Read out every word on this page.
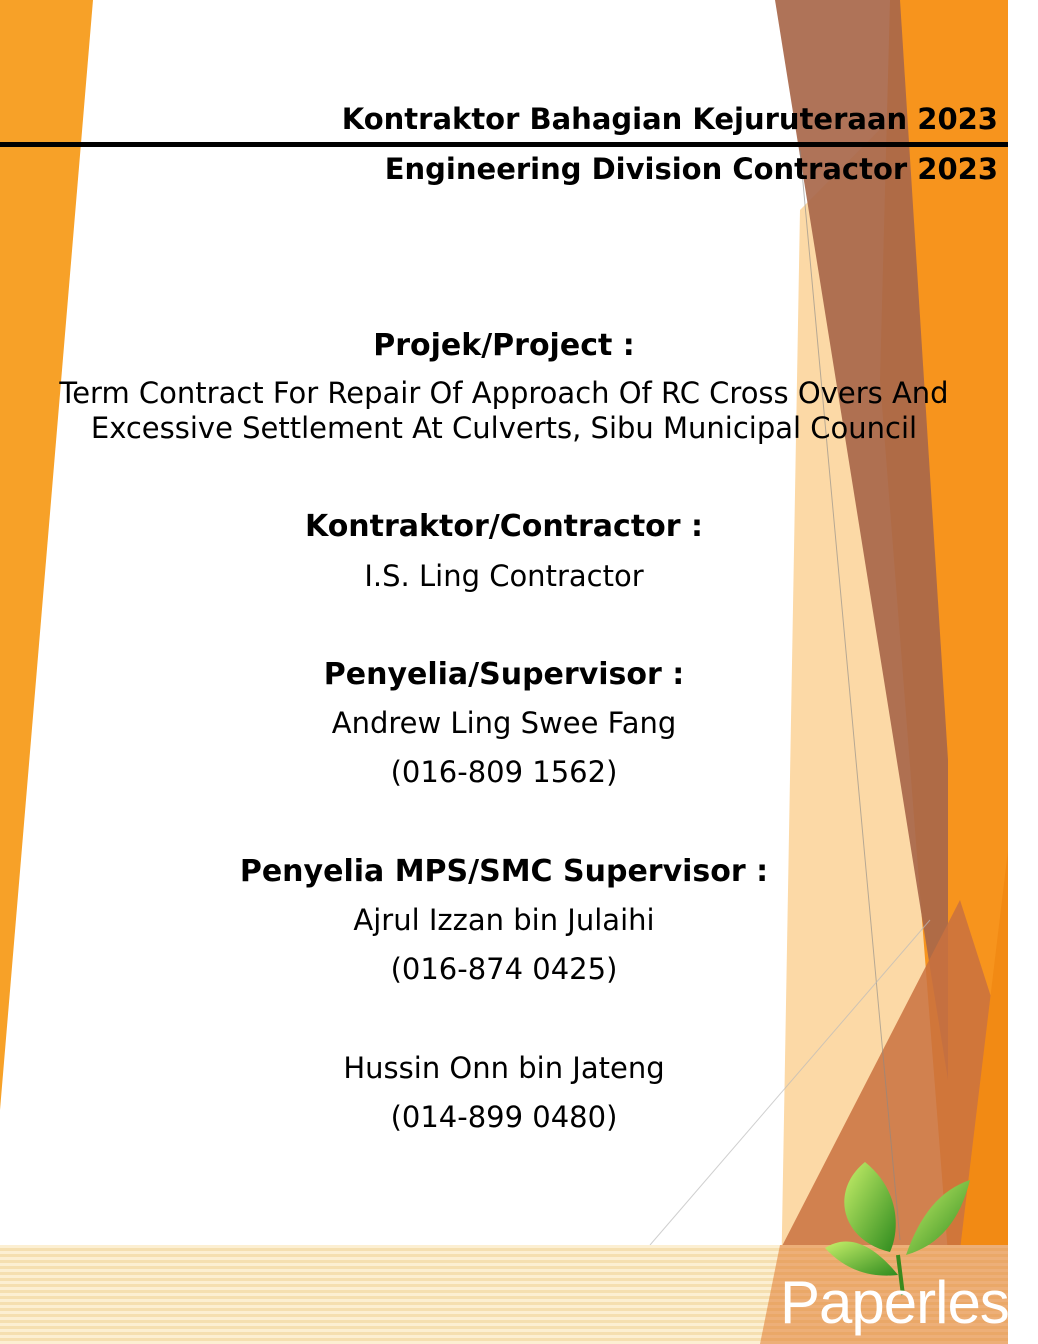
Kontraktor Bahagian Kejuruteraan 2023
Engineering Division Contractor 2023
Projek/Project :
Term Contract For Repair Of Approach Of RC Cross Overs And
Excessive Settlement At Culverts, Sibu Municipal Council
Kontraktor/Contractor :
I.S. Ling Contractor
Penyelia/Supervisor :
Andrew Ling Swee Fang
(016-809 1562)
Penyelia MPS/SMC Supervisor :
Ajrul Izzan bin Julaihi
(016-874 0425)
Hussin Onn bin Jateng
(014-899 0480)
Paperless
